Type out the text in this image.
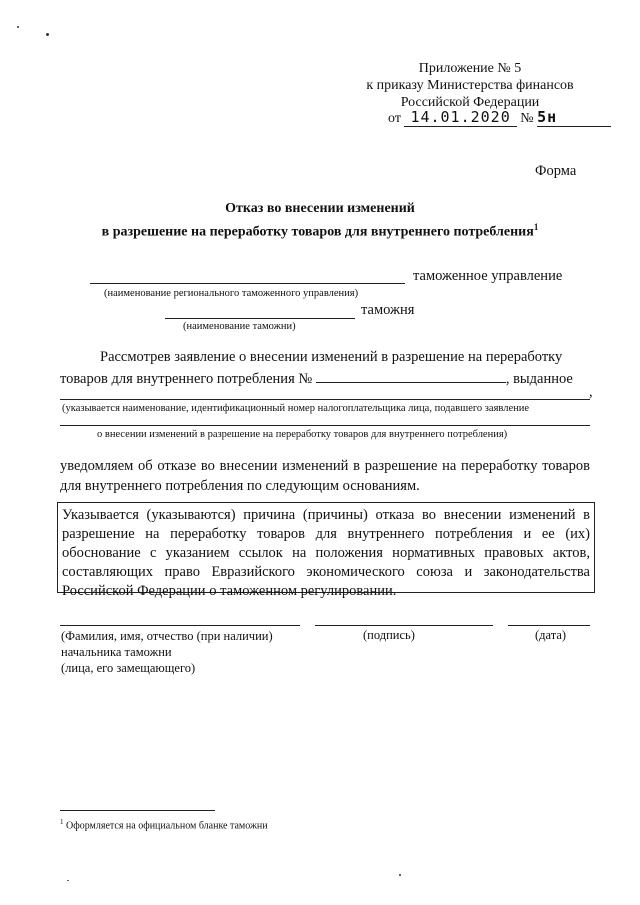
Приложение № 5
к приказу Министерства финансов
Российской Федерации
от 14.01.2020 № 5н
Форма
Отказ во внесении изменений
в разрешение на переработку товаров для внутреннего потребления$^1$
таможенное управление
(наименование регионального таможенного управления)
таможня
(наименование таможни)
Рассмотрев заявление о внесении изменений в разрешение на переработку
товаров для внутреннего потребления №	, выданное
,
(указывается наименование, идентификационный номер налогоплательщика лица, подавшего заявление
о внесении изменений в разрешение на переработку товаров для внутреннего потребления)
уведомляем об отказе во внесении изменений в разрешение на переработку товаров для внутреннего потребления по следующим основаниям.
Указывается (указываются) причина (причины) отказа во внесении изменений в разрешение на переработку товаров для внутреннего потребления и ее (их) обоснование с указанием ссылок на положения нормативных правовых актов, составляющих право Евразийского экономического союза и законодательства Российской Федерации о таможенном регулировании.
(Фамилия, имя, отчество (при наличии)
начальника таможни
(лица, его замещающего)
(подпись)	(дата)
$^1$ Оформляется на официальном бланке таможни
